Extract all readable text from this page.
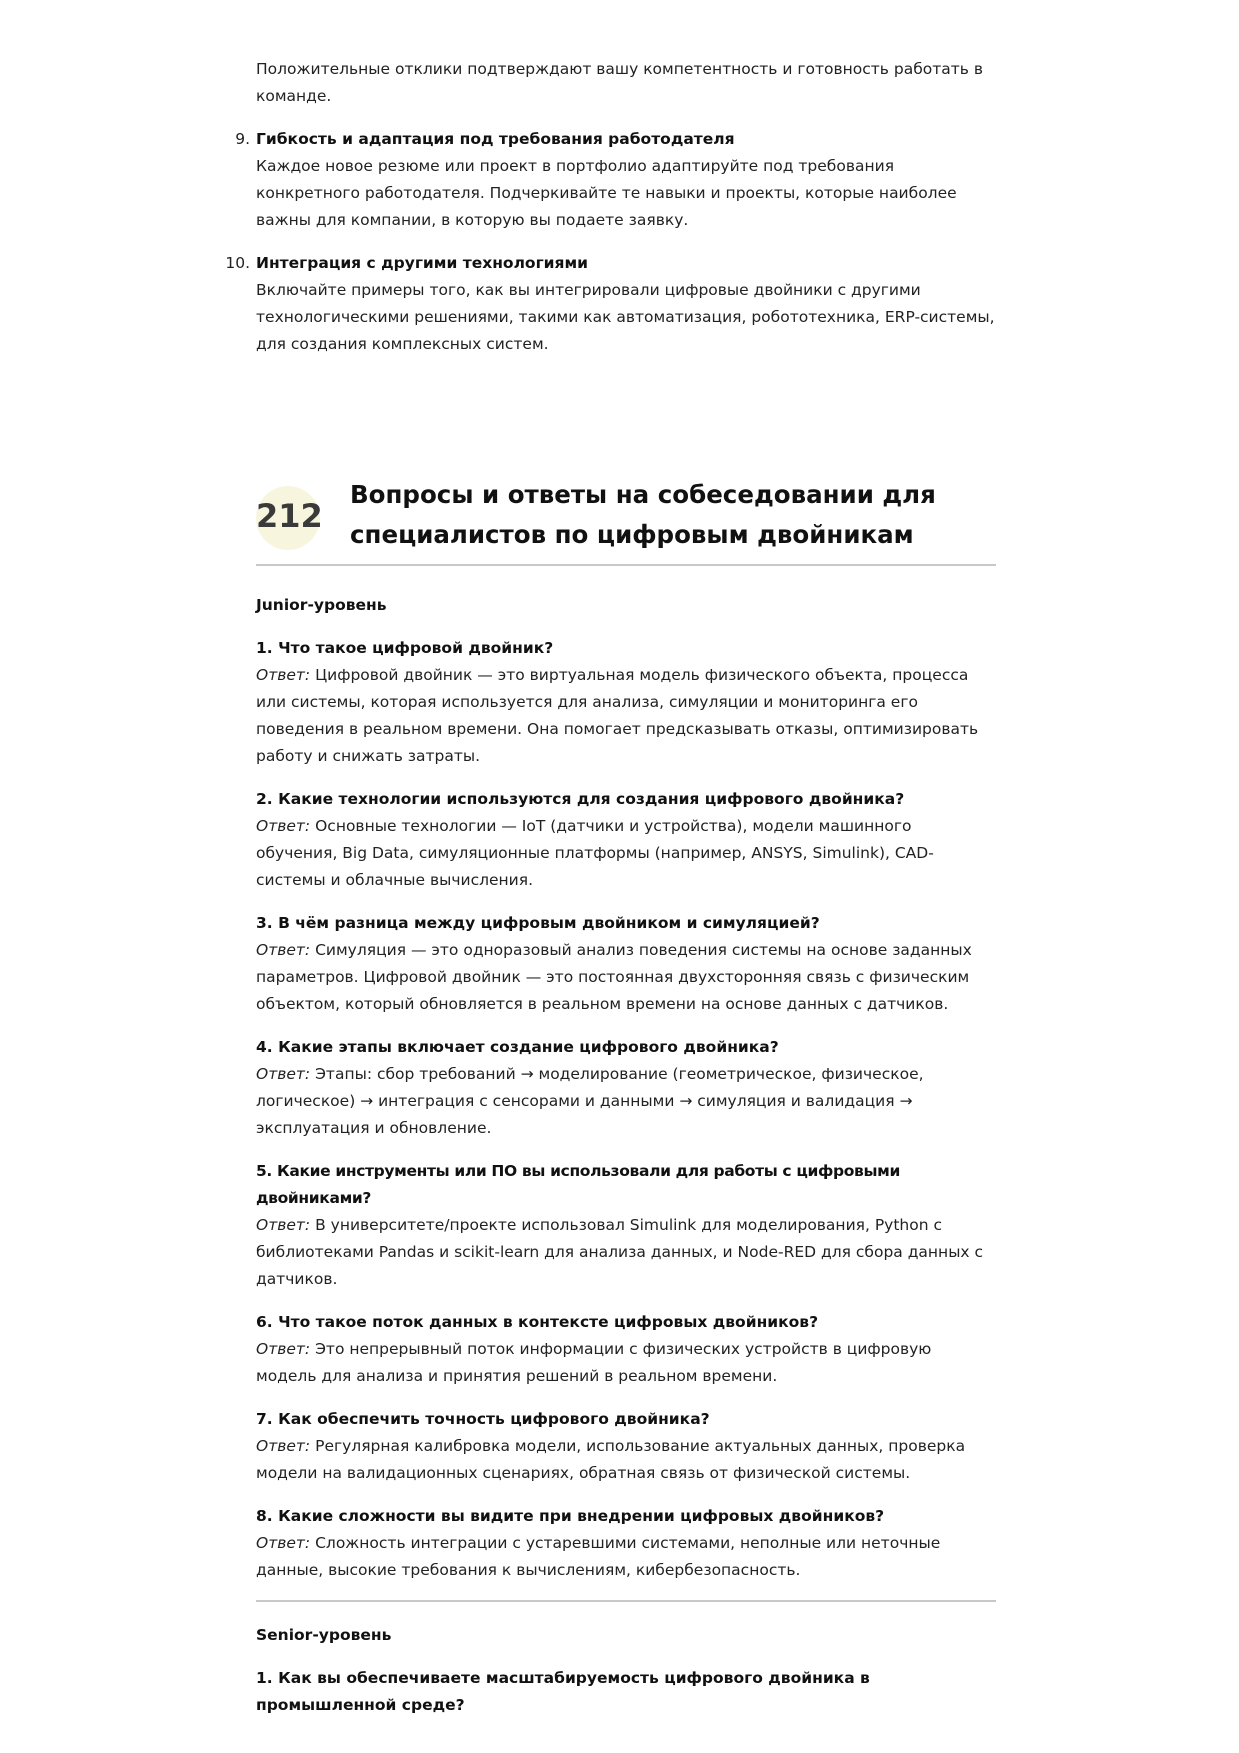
Положительные отклики подтверждают вашу компетентность и готовность работать в команде.
9. Гибкость и адаптация под требования работодателя
Каждое новое резюме или проект в портфолио адаптируйте под требования конкретного работодателя. Подчеркивайте те навыки и проекты, которые наиболее важны для компании, в которую вы подаете заявку.
10. Интеграция с другими технологиями
Включайте примеры того, как вы интегрировали цифровые двойники с другими технологическими решениями, такими как автоматизация, робототехника, ERP-системы, для создания комплексных систем.
212
Вопросы и ответы на собеседовании для специалистов по цифровым двойникам
Junior-уровень
1. Что такое цифровой двойник?
Ответ: Цифровой двойник — это виртуальная модель физического объекта, процесса или системы, которая используется для анализа, симуляции и мониторинга его поведения в реальном времени. Она помогает предсказывать отказы, оптимизировать работу и снижать затраты.
2. Какие технологии используются для создания цифрового двойника?
Ответ: Основные технологии — IoT (датчики и устройства), модели машинного обучения, Big Data, симуляционные платформы (например, ANSYS, Simulink), CAD-системы и облачные вычисления.
3. В чём разница между цифровым двойником и симуляцией?
Ответ: Симуляция — это одноразовый анализ поведения системы на основе заданных параметров. Цифровой двойник — это постоянная двухсторонняя связь с физическим объектом, который обновляется в реальном времени на основе данных с датчиков.
4. Какие этапы включает создание цифрового двойника?
Ответ: Этапы: сбор требований → моделирование (геометрическое, физическое, логическое) → интеграция с сенсорами и данными → симуляция и валидация → эксплуатация и обновление.
5. Какие инструменты или ПО вы использовали для работы с цифровыми двойниками?
Ответ: В университете/проекте использовал Simulink для моделирования, Python с библиотеками Pandas и scikit-learn для анализа данных, и Node-RED для сбора данных с датчиков.
6. Что такое поток данных в контексте цифровых двойников?
Ответ: Это непрерывный поток информации с физических устройств в цифровую модель для анализа и принятия решений в реальном времени.
7. Как обеспечить точность цифрового двойника?
Ответ: Регулярная калибровка модели, использование актуальных данных, проверка модели на валидационных сценариях, обратная связь от физической системы.
8. Какие сложности вы видите при внедрении цифровых двойников?
Ответ: Сложность интеграции с устаревшими системами, неполные или неточные данные, высокие требования к вычислениям, кибербезопасность.
Senior-уровень
1. Как вы обеспечиваете масштабируемость цифрового двойника в промышленной среде?
